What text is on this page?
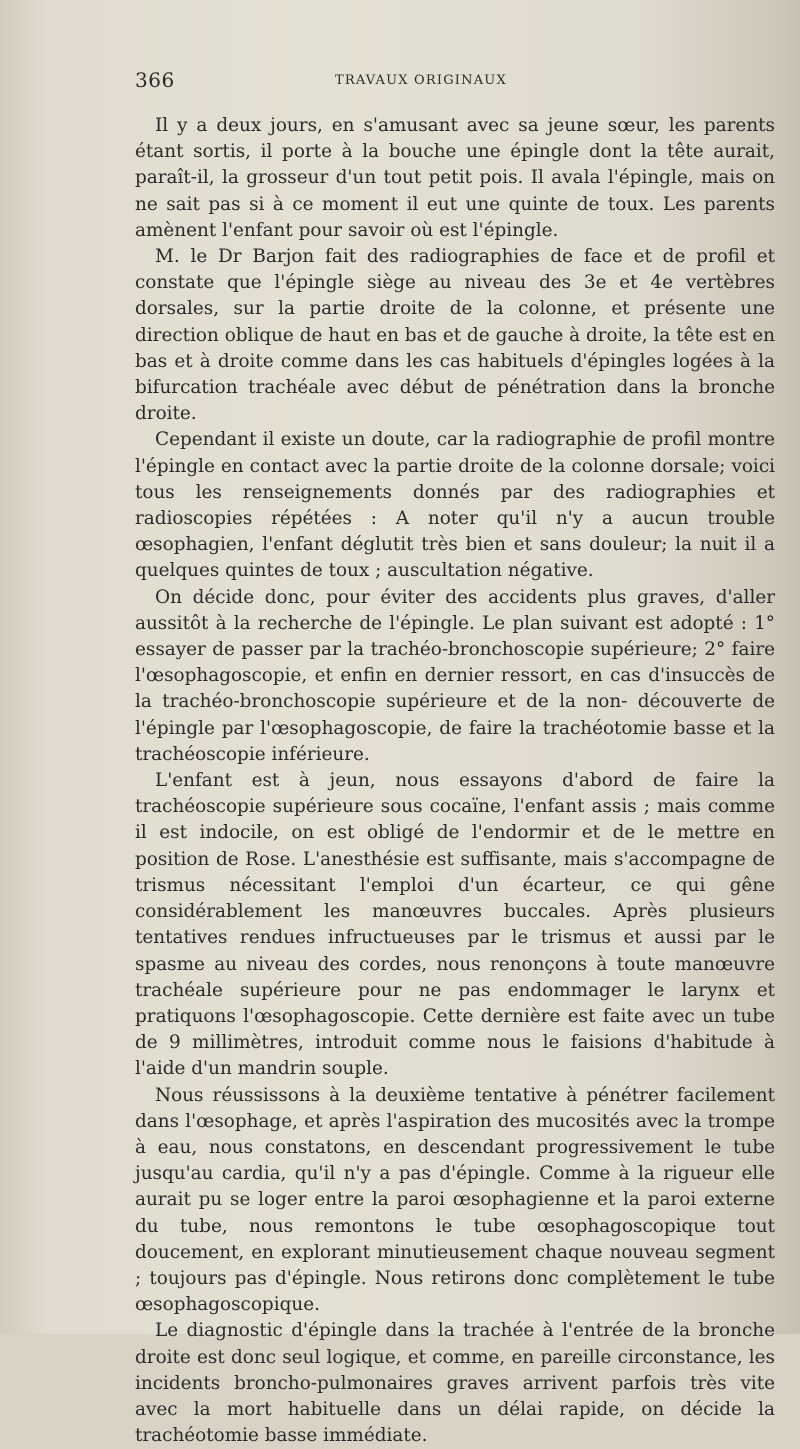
366	TRAVAUX ORIGINAUX

Il y a deux jours, en s'amusant avec sa jeune sœur, les parents étant sortis, il porte à la bouche une épingle dont la tête aurait, paraît-il, la grosseur d'un tout petit pois. Il avala l'épingle, mais on ne sait pas si à ce moment il eut une quinte de toux. Les parents amènent l'enfant pour savoir où est l'épingle.

M. le Dr Barjon fait des radiographies de face et de profil et constate que l'épingle siège au niveau des 3e et 4e vertèbres dorsales, sur la partie droite de la colonne, et présente une direction oblique de haut en bas et de gauche à droite, la tête est en bas et à droite comme dans les cas habituels d'épingles logées à la bifurcation trachéale avec début de pénétration dans la bronche droite.

Cependant il existe un doute, car la radiographie de profil montre l'épingle en contact avec la partie droite de la colonne dorsale; voici tous les renseignements donnés par des radiographies et radioscopies répétées : A noter qu'il n'y a aucun trouble œsophagien, l'enfant déglutit très bien et sans douleur; la nuit il a quelques quintes de toux ; auscultation négative.

On décide donc, pour éviter des accidents plus graves, d'aller aussitôt à la recherche de l'épingle. Le plan suivant est adopté : 1° essayer de passer par la trachéo-bronchoscopie supérieure; 2° faire l'œsophagoscopie, et enfin en dernier ressort, en cas d'insuccès de la trachéo-bronchoscopie supérieure et de la non- découverte de l'épingle par l'œsophagoscopie, de faire la trachéotomie basse et la trachéoscopie inférieure.

L'enfant est à jeun, nous essayons d'abord de faire la trachéoscopie supérieure sous cocaïne, l'enfant assis ; mais comme il est indocile, on est obligé de l'endormir et de le mettre en position de Rose. L'anesthésie est suffisante, mais s'accompagne de trismus nécessitant l'emploi d'un écarteur, ce qui gêne considérablement les manœuvres buccales. Après plusieurs tentatives rendues infructueuses par le trismus et aussi par le spasme au niveau des cordes, nous renonçons à toute manœuvre trachéale supérieure pour ne pas endommager le larynx et pratiquons l'œsophagoscopie. Cette dernière est faite avec un tube de 9 millimètres, introduit comme nous le faisions d'habitude à l'aide d'un mandrin souple.

Nous réussissons à la deuxième tentative à pénétrer facilement dans l'œsophage, et après l'aspiration des mucosités avec la trompe à eau, nous constatons, en descendant progressivement le tube jusqu'au cardia, qu'il n'y a pas d'épingle. Comme à la rigueur elle aurait pu se loger entre la paroi œsophagienne et la paroi externe du tube, nous remontons le tube œsophagoscopique tout doucement, en explorant minutieusement chaque nouveau segment ; toujours pas d'épingle. Nous retirons donc complètement le tube œsophagoscopique.

Le diagnostic d'épingle dans la trachée à l'entrée de la bronche droite est donc seul logique, et comme, en pareille circonstance, les incidents broncho-pulmonaires graves arrivent parfois très vite avec la mort habituelle dans un délai rapide, on décide la trachéotomie basse immédiate.
